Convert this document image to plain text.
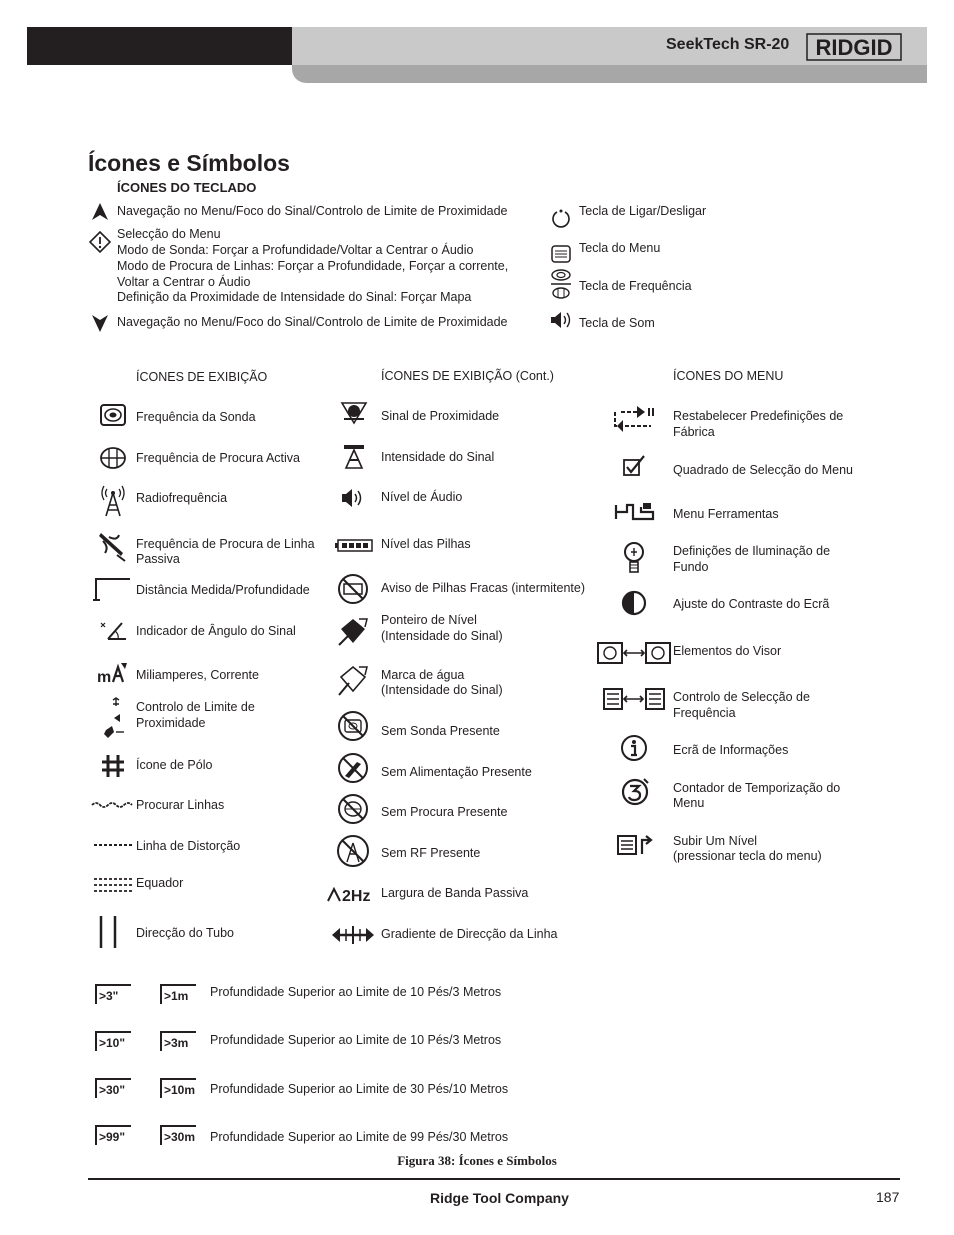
SeekTech SR-20 RIDGID
Ícones e Símbolos
ÍCONES DO TECLADO
Navegação no Menu/Foco do Sinal/Controlo de Limite de Proximidade
Selecção do Menu
Modo de Sonda: Forçar a Profundidade/Voltar a Centrar o Áudio
Modo de Procura de Linhas: Forçar a Profundidade, Forçar a corrente,
Voltar a Centrar o Áudio
Definição da Proximidade de Intensidade do Sinal: Forçar Mapa
Navegação no Menu/Foco do Sinal/Controlo de Limite de Proximidade
Tecla de Ligar/Desligar
Tecla do Menu
Tecla de Frequência
Tecla de Som
ÍCONES DE EXIBIÇÃO	ÍCONES DE EXIBIÇÃO (Cont.)	ÍCONES DO MENU
Frequência da Sonda
Frequência de Procura Activa
Radiofrequência
Frequência de Procura de Linha
Passiva
Distância Medida/Profundidade
Indicador de Ângulo do Sinal
m Miliamperes, Corrente
Controlo de Limite de
Proximidade
Ícone de Pólo
Procurar Linhas
Linha de Distorção
Equador
Direcção do Tubo
Sinal de Proximidade
Intensidade do Sinal
Nível de Áudio
Nível das Pilhas
Aviso de Pilhas Fracas (intermitente)
Ponteiro de Nível
(Intensidade do Sinal)
Marca de água
(Intensidade do Sinal)
Sem Sonda Presente
Sem Alimentação Presente
Sem Procura Presente
Sem RF Presente
2Hz Largura de Banda Passiva
Gradiente de Direcção da Linha
Restabelecer Predefinições de
Fábrica
Quadrado de Selecção do Menu
Menu Ferramentas
Definições de Iluminação de
Fundo
Ajuste do Contraste do Ecrã
Elementos do Visor
Controlo de Selecção de
Frequência
Ecrã de Informações
Contador de Temporização do
Menu
Subir Um Nível
(pressionar tecla do menu)
>3"	>1m Profundidade Superior ao Limite de 10 Pés/3 Metros
>10"	>3m Profundidade Superior ao Limite de 10 Pés/3 Metros
>30"	>10m Profundidade Superior ao Limite de 30 Pés/10 Metros
>99"	>30m Profundidade Superior ao Limite de 99 Pés/30 Metros
Figura 38: Ícones e Símbolos
Ridge Tool Company	187
